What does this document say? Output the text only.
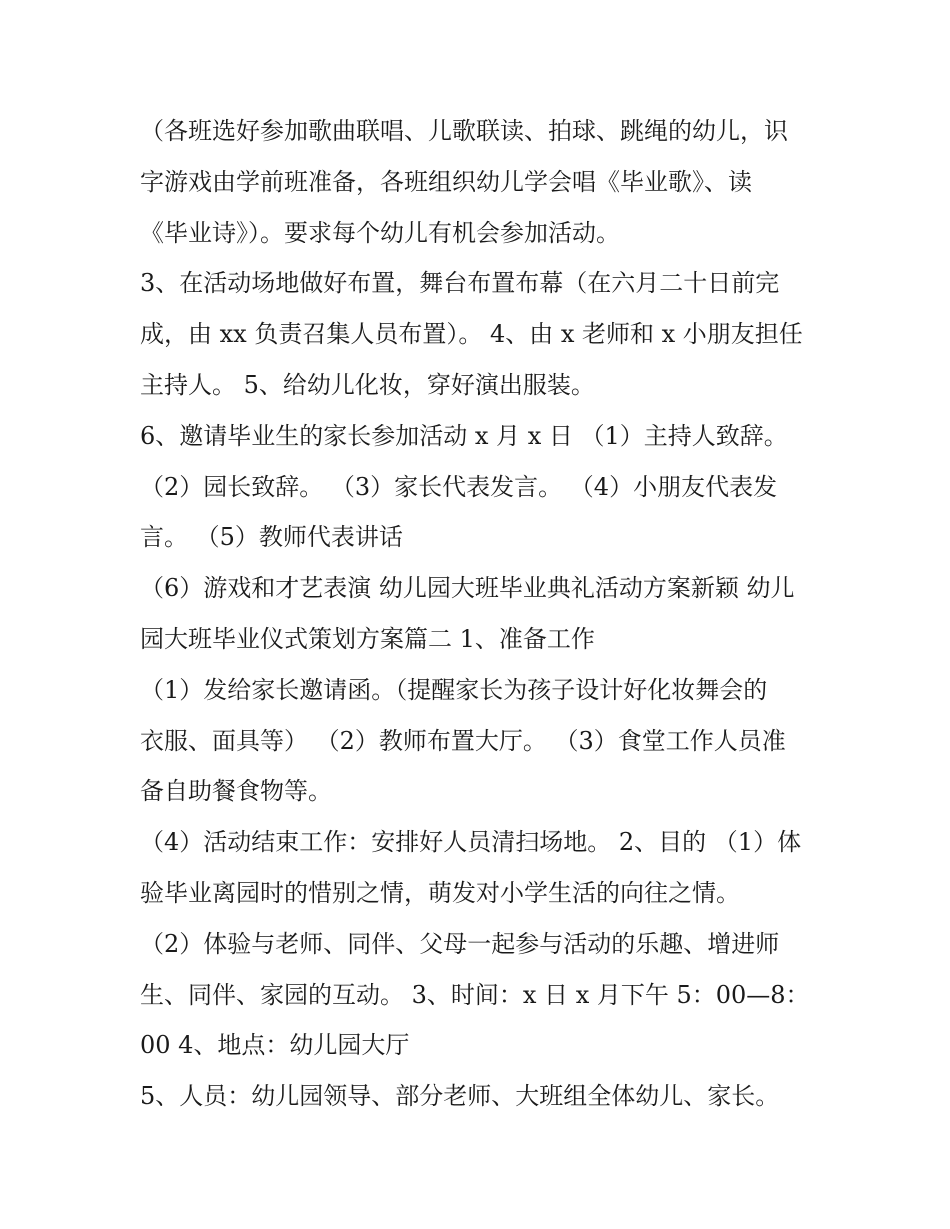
（各班选好参加歌曲联唱、儿歌联读、拍球、跳绳的幼儿，识
字游戏由学前班准备，各班组织幼儿学会唱《毕业歌》、读
《毕业诗》）。要求每个幼儿有机会参加活动。
3、在活动场地做好布置，舞台布置布幕（在六月二十日前完
成，由 xx 负责召集人员布置）。 4、由 x 老师和 x 小朋友担任
主持人。 5、给幼儿化妆，穿好演出服装。
6、邀请毕业生的家长参加活动 x 月 x 日 （1）主持人致辞。
（2）园长致辞。 （3）家长代表发言。 （4）小朋友代表发
言。 （5）教师代表讲话
（6）游戏和才艺表演 幼儿园大班毕业典礼活动方案新颖 幼儿
园大班毕业仪式策划方案篇二 1、准备工作
（1）发给家长邀请函。（提醒家长为孩子设计好化妆舞会的
衣服、面具等） （2）教师布置大厅。 （3）食堂工作人员准
备自助餐食物等。
（4）活动结束工作：安排好人员清扫场地。 2、目的 （1）体
验毕业离园时的惜别之情，萌发对小学生活的向往之情。
（2）体验与老师、同伴、父母一起参与活动的乐趣、增进师
生、同伴、家园的互动。 3、时间：x 日 x 月下午 5：00—8：
00 4、地点：幼儿园大厅
5、人员：幼儿园领导、部分老师、大班组全体幼儿、家长。
